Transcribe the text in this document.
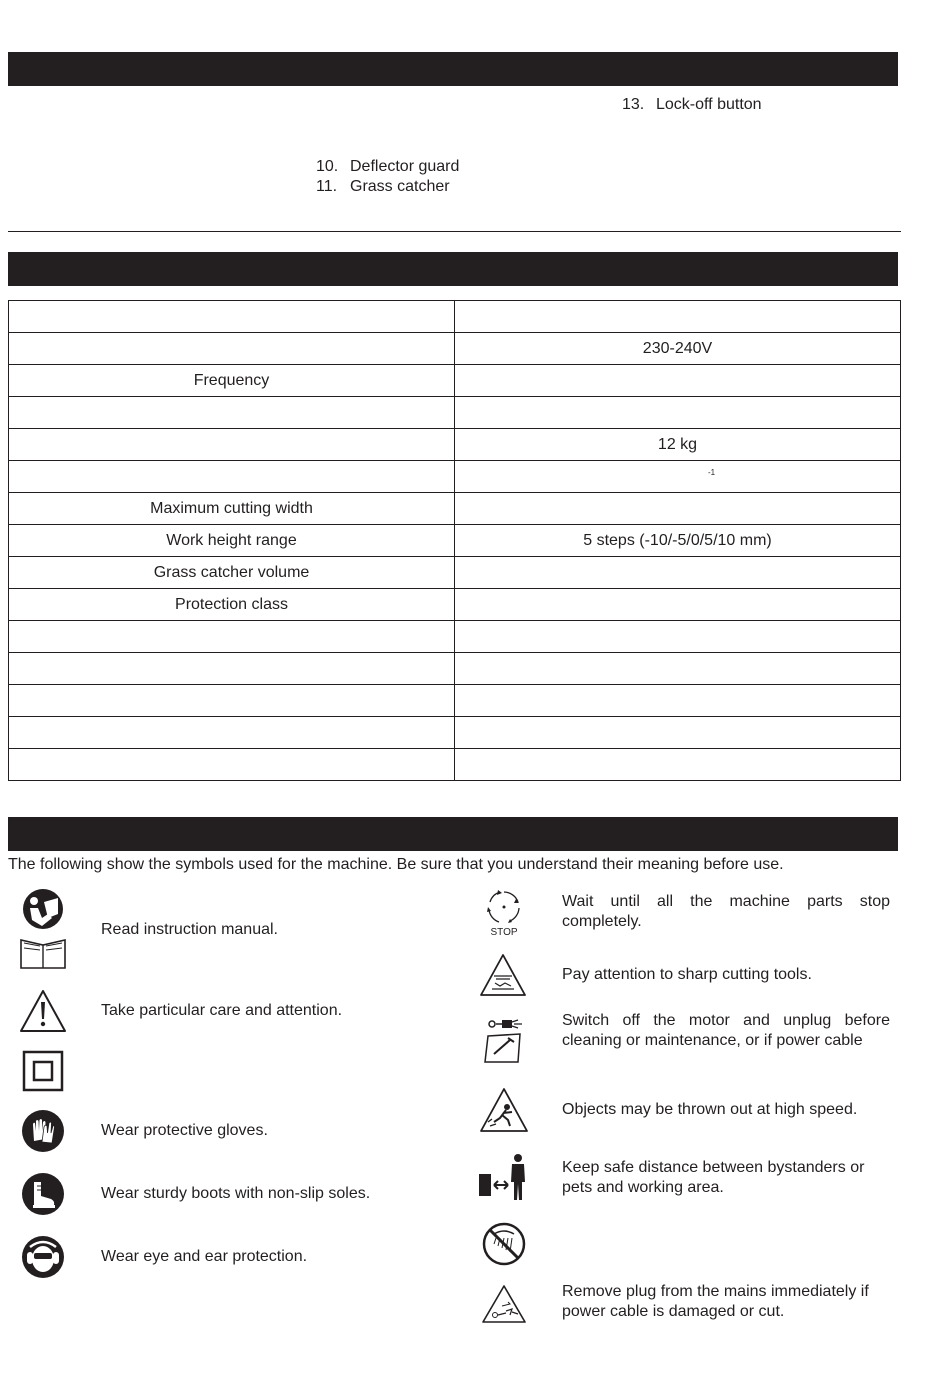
13. Lock-off button
10. Deflector guard
11. Grass catcher

	230-240V
Frequency	

	12 kg

	-1

Maximum cutting width	
Work height range	5 steps (-10/-5/0/5/10 mm)
Grass catcher volume	
Protection class	

The following show the symbols used for the machine. Be sure that you understand their meaning before use.
Read instruction manual.
Take particular care and attention.
Wear protective gloves.
Wear sturdy boots with non-slip soles.
Wear eye and ear protection.
STOP
Wait until all the machine parts stop completely.
Pay attention to sharp cutting tools.
Switch off the motor and unplug before cleaning or maintenance, or if power cable
Objects may be thrown out at high speed.
Keep safe distance between bystanders or pets and working area.
Remove plug from the mains immediately if power cable is damaged or cut.
